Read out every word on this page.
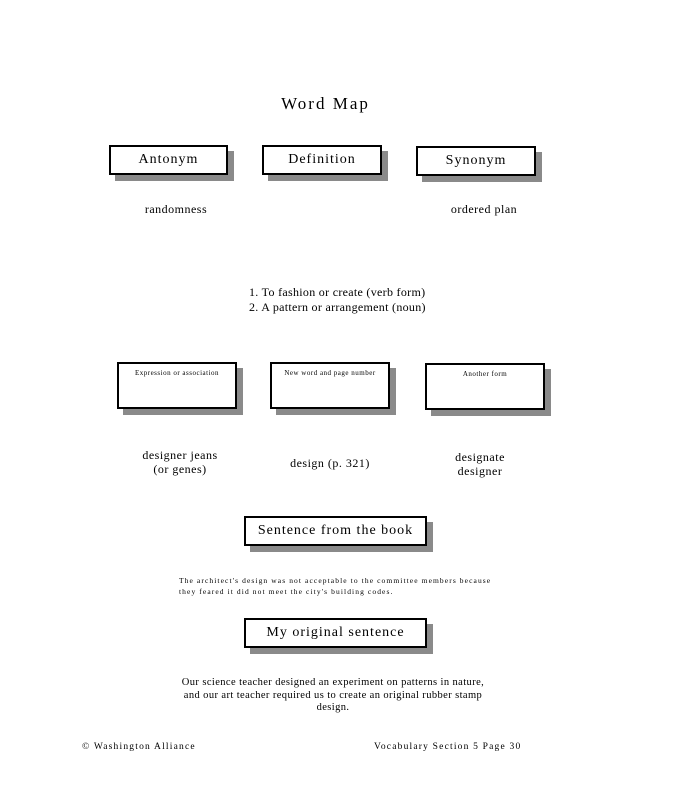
Word Map
Antonym	Definition	Synonym
randomness	ordered plan
1. To fashion or create (verb form)
2. A pattern or arrangement (noun)
Expression or association	New word and page number	Another form
designer jeans
(or genes)	design (p. 321)	designate
designer
Sentence from the book
The architect's design was not acceptable to the committee members because
they feared it did not meet the city's building codes.
My original sentence
Our science teacher designed an experiment on patterns in nature,
and our art teacher required us to create an original rubber stamp
design.
© Washington Alliance	Vocabulary Section 5 Page 30
